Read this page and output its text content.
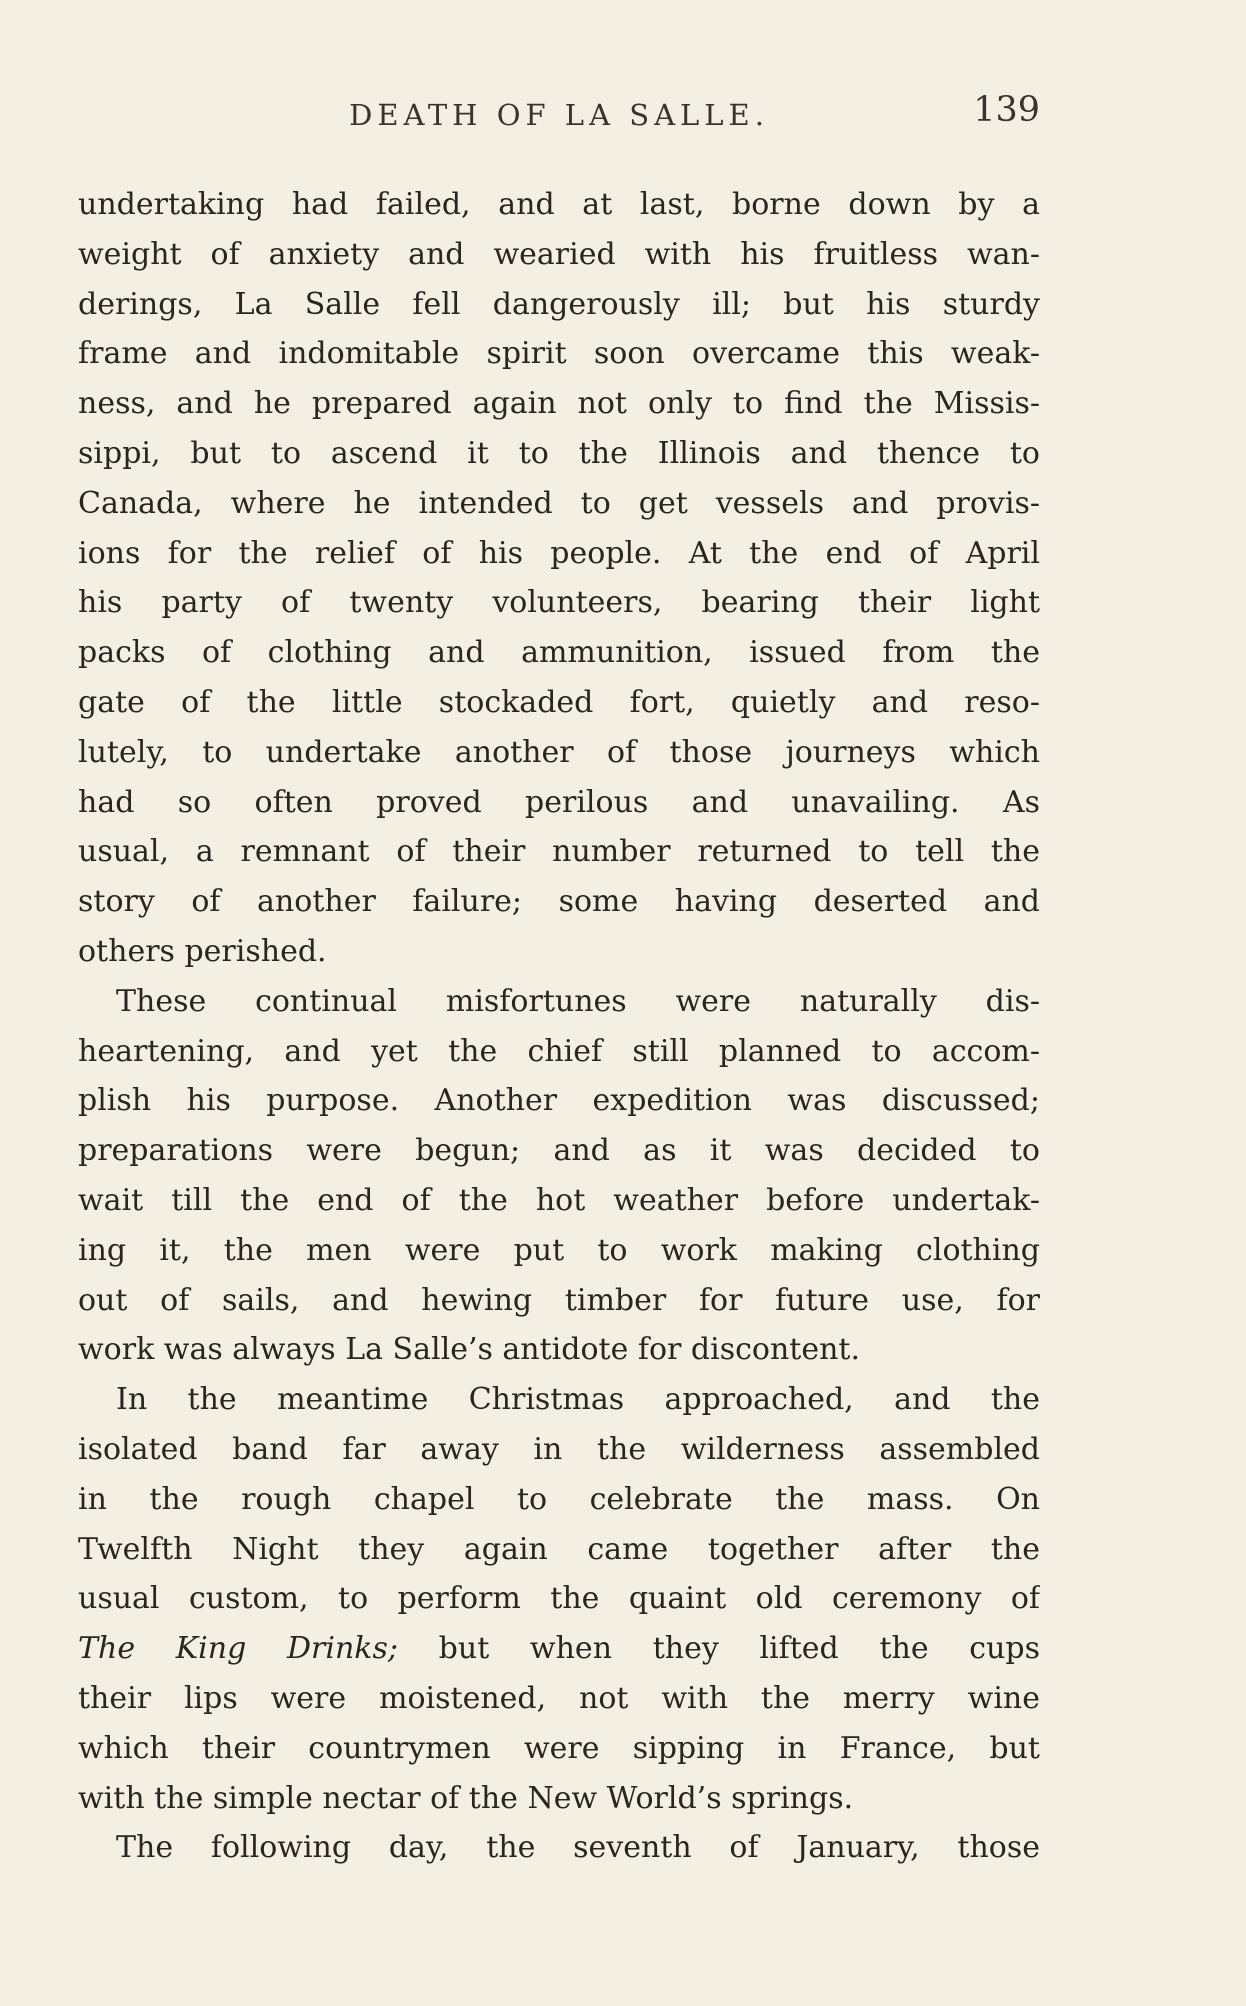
DEATH OF LA SALLE.	139
undertaking had failed, and at last, borne down by a
weight of anxiety and wearied with his fruitless wan-
derings, La Salle fell dangerously ill; but his sturdy
frame and indomitable spirit soon overcame this weak-
ness, and he prepared again not only to find the Missis-
sippi, but to ascend it to the Illinois and thence to
Canada, where he intended to get vessels and provis-
ions for the relief of his people. At the end of April
his party of twenty volunteers, bearing their light
packs of clothing and ammunition, issued from the
gate of the little stockaded fort, quietly and reso-
lutely, to undertake another of those journeys which
had so often proved perilous and unavailing. As
usual, a remnant of their number returned to tell the
story of another failure; some having deserted and
others perished.
These continual misfortunes were naturally dis-
heartening, and yet the chief still planned to accom-
plish his purpose. Another expedition was discussed;
preparations were begun; and as it was decided to
wait till the end of the hot weather before undertak-
ing it, the men were put to work making clothing
out of sails, and hewing timber for future use, for
work was always La Salle’s antidote for discontent.
In the meantime Christmas approached, and the
isolated band far away in the wilderness assembled
in the rough chapel to celebrate the mass. On
Twelfth Night they again came together after the
usual custom, to perform the quaint old ceremony of
The King Drinks; but when they lifted the cups
their lips were moistened, not with the merry wine
which their countrymen were sipping in France, but
with the simple nectar of the New World’s springs.
The following day, the seventh of January, those
